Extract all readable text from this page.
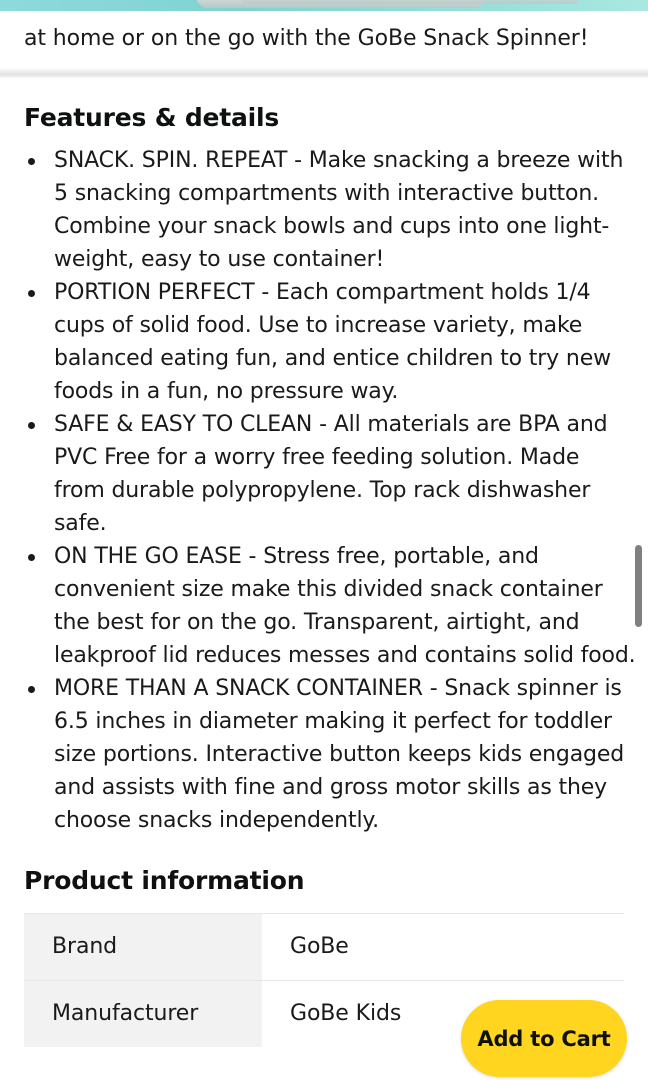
at home or on the go with the GoBe Snack Spinner!
Features & details
SNACK. SPIN. REPEAT - Make snacking a breeze with 5 snacking compartments with interactive button. Combine your snack bowls and cups into one light-weight, easy to use container!
PORTION PERFECT - Each compartment holds 1/4 cups of solid food. Use to increase variety, make balanced eating fun, and entice children to try new foods in a fun, no pressure way.
SAFE & EASY TO CLEAN - All materials are BPA and PVC Free for a worry free feeding solution. Made from durable polypropylene. Top rack dishwasher safe.
ON THE GO EASE - Stress free, portable, and convenient size make this divided snack container the best for on the go. Transparent, airtight, and leakproof lid reduces messes and contains solid food.
MORE THAN A SNACK CONTAINER - Snack spinner is 6.5 inches in diameter making it perfect for toddler size portions. Interactive button keeps kids engaged and assists with fine and gross motor skills as they choose snacks independently.
Product information
Brand	GoBe
Manufacturer	GoBe Kids
Add to Cart
